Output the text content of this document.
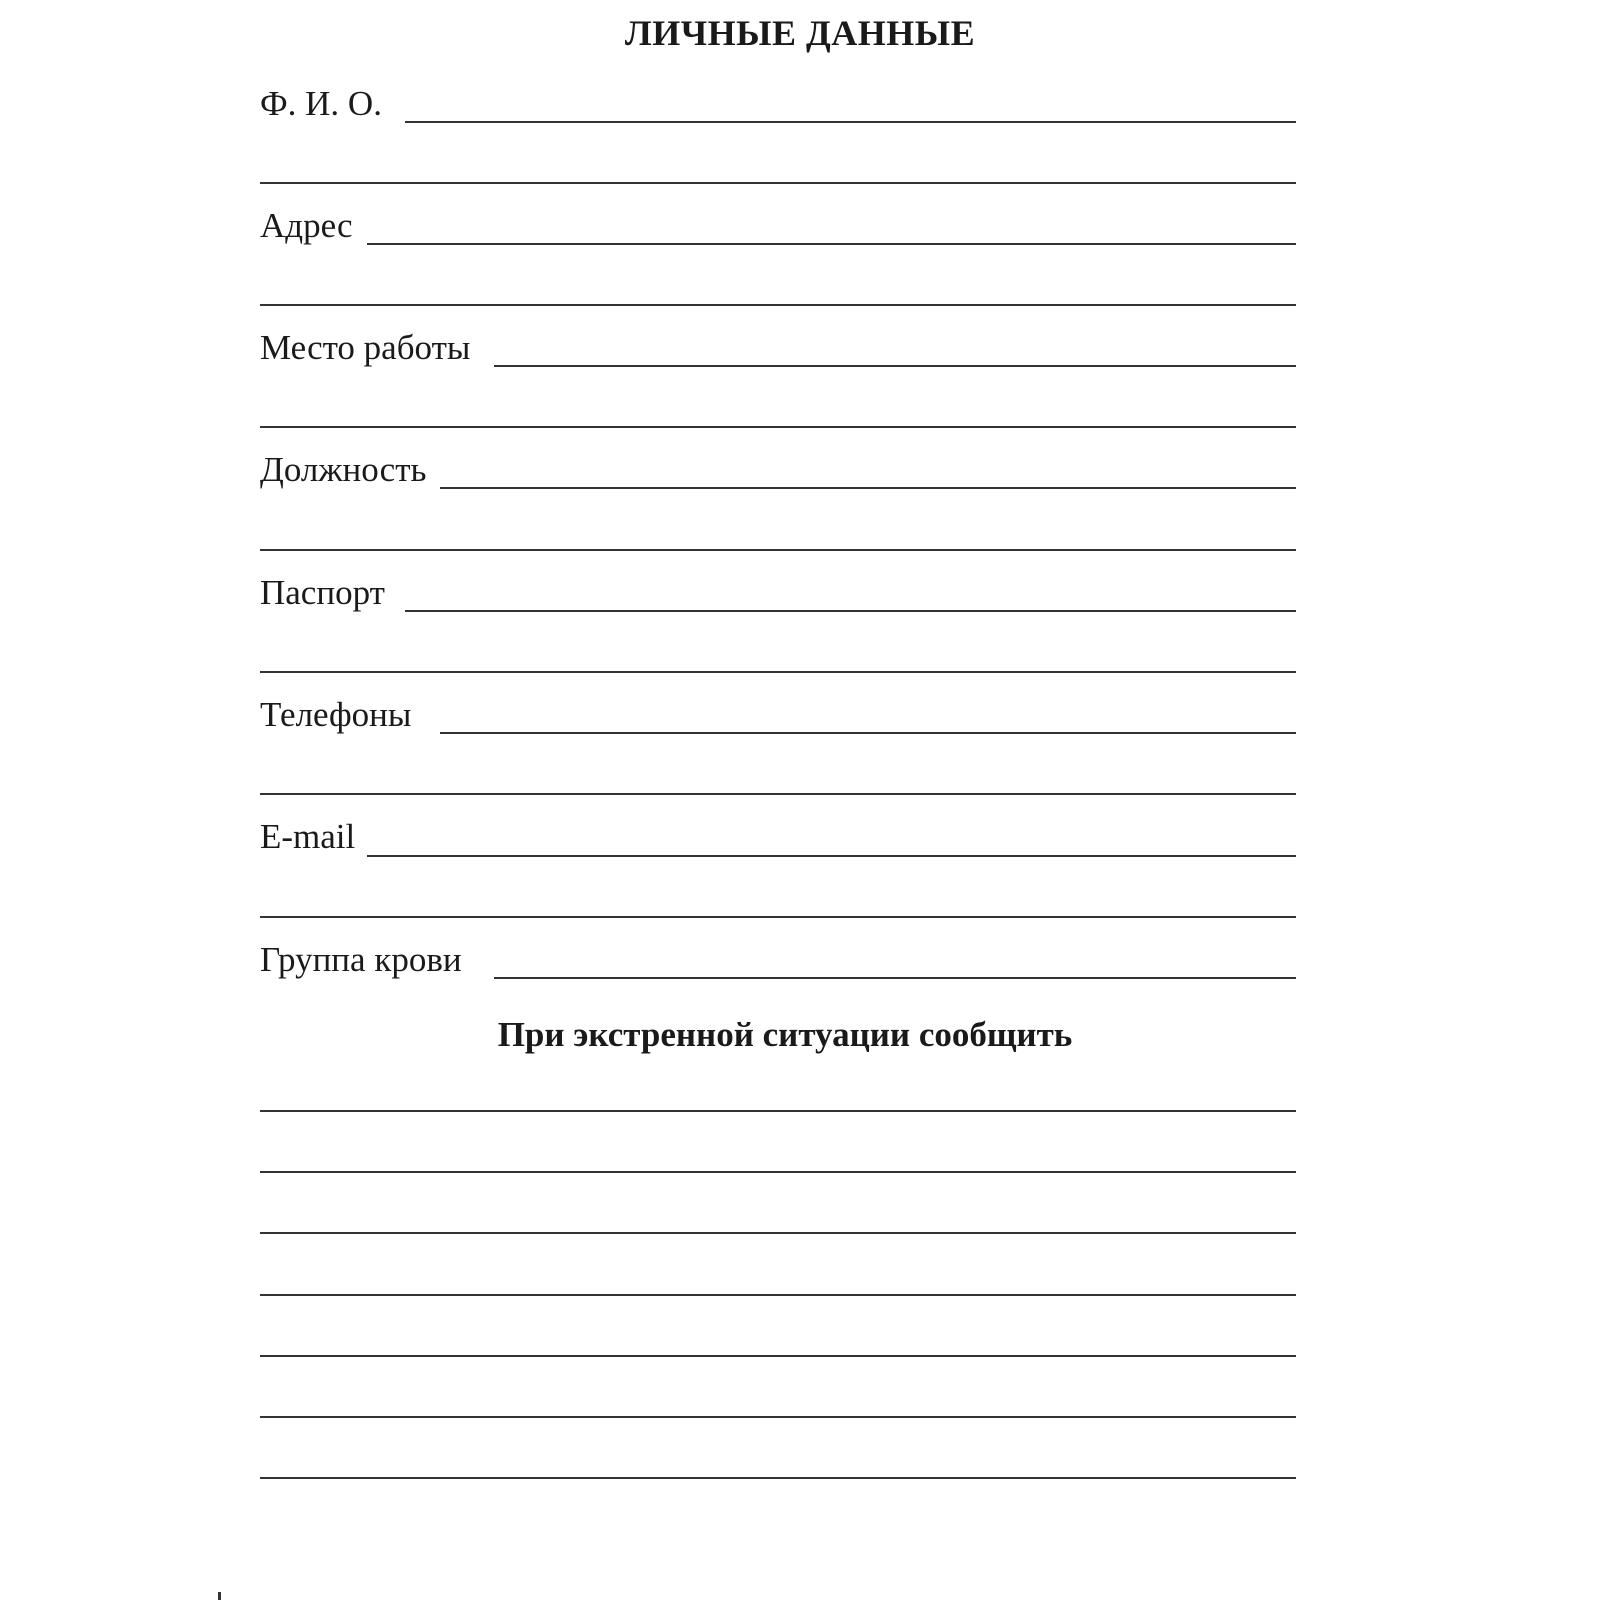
ЛИЧНЫЕ ДАННЫЕ
Ф. И. О.
Адрес
Место работы
Должность
Паспорт
Телефоны
E-mail
Группа крови
При экстренной ситуации сообщить
